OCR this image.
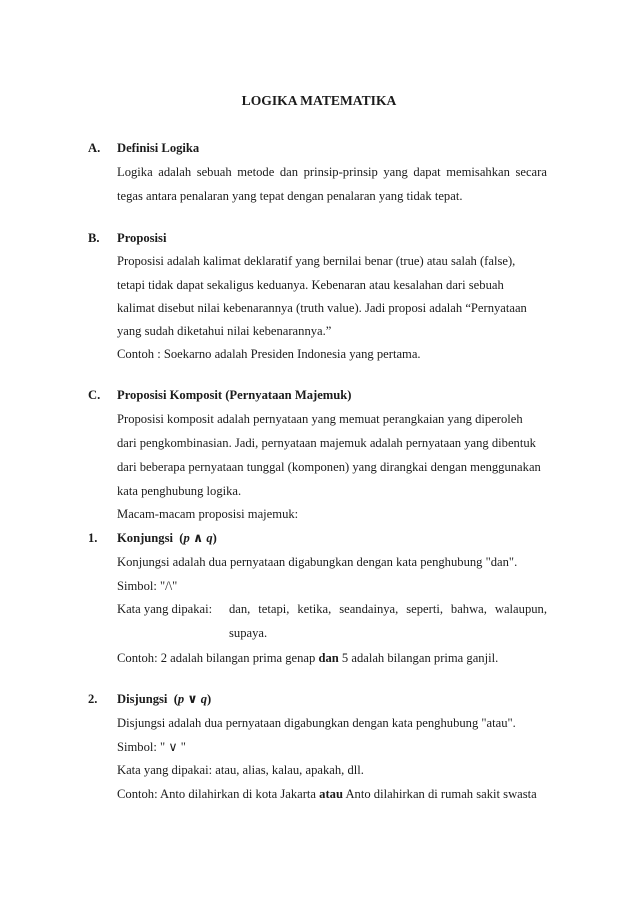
LOGIKA MATEMATIKA
A. Definisi Logika
Logika adalah sebuah metode dan prinsip-prinsip yang dapat memisahkan secara
tegas antara penalaran yang tepat dengan penalaran yang tidak tepat.
B. Proposisi
Proposisi adalah kalimat deklaratif yang bernilai benar (true) atau salah (false),
tetapi tidak dapat sekaligus keduanya. Kebenaran atau kesalahan dari sebuah
kalimat disebut nilai kebenarannya (truth value). Jadi proposi adalah “Pernyataan
yang sudah diketahui nilai kebenarannya.”
Contoh : Soekarno adalah Presiden Indonesia yang pertama.
C. Proposisi Komposit (Pernyataan Majemuk)
Proposisi komposit adalah pernyataan yang memuat perangkaian yang diperoleh
dari pengkombinasian. Jadi, pernyataan majemuk adalah pernyataan yang dibentuk
dari beberapa pernyataan tunggal (komponen) yang dirangkai dengan menggunakan
kata penghubung logika.
Macam-macam proposisi majemuk:
1. Konjungsi  (p ∧ q)
Konjungsi adalah dua pernyataan digabungkan dengan kata penghubung "dan".
Simbol: "/\"
Kata yang dipakai: dan, tetapi, ketika, seandainya, seperti, bahwa, walaupun,
supaya.
Contoh: 2 adalah bilangan prima genap dan 5 adalah bilangan prima ganjil.
2. Disjungsi  (p ∨ q)
Disjungsi adalah dua pernyataan digabungkan dengan kata penghubung "atau".
Simbol: " ∨ "
Kata yang dipakai: atau, alias, kalau, apakah, dll.
Contoh: Anto dilahirkan di kota Jakarta atau Anto dilahirkan di rumah sakit swasta
